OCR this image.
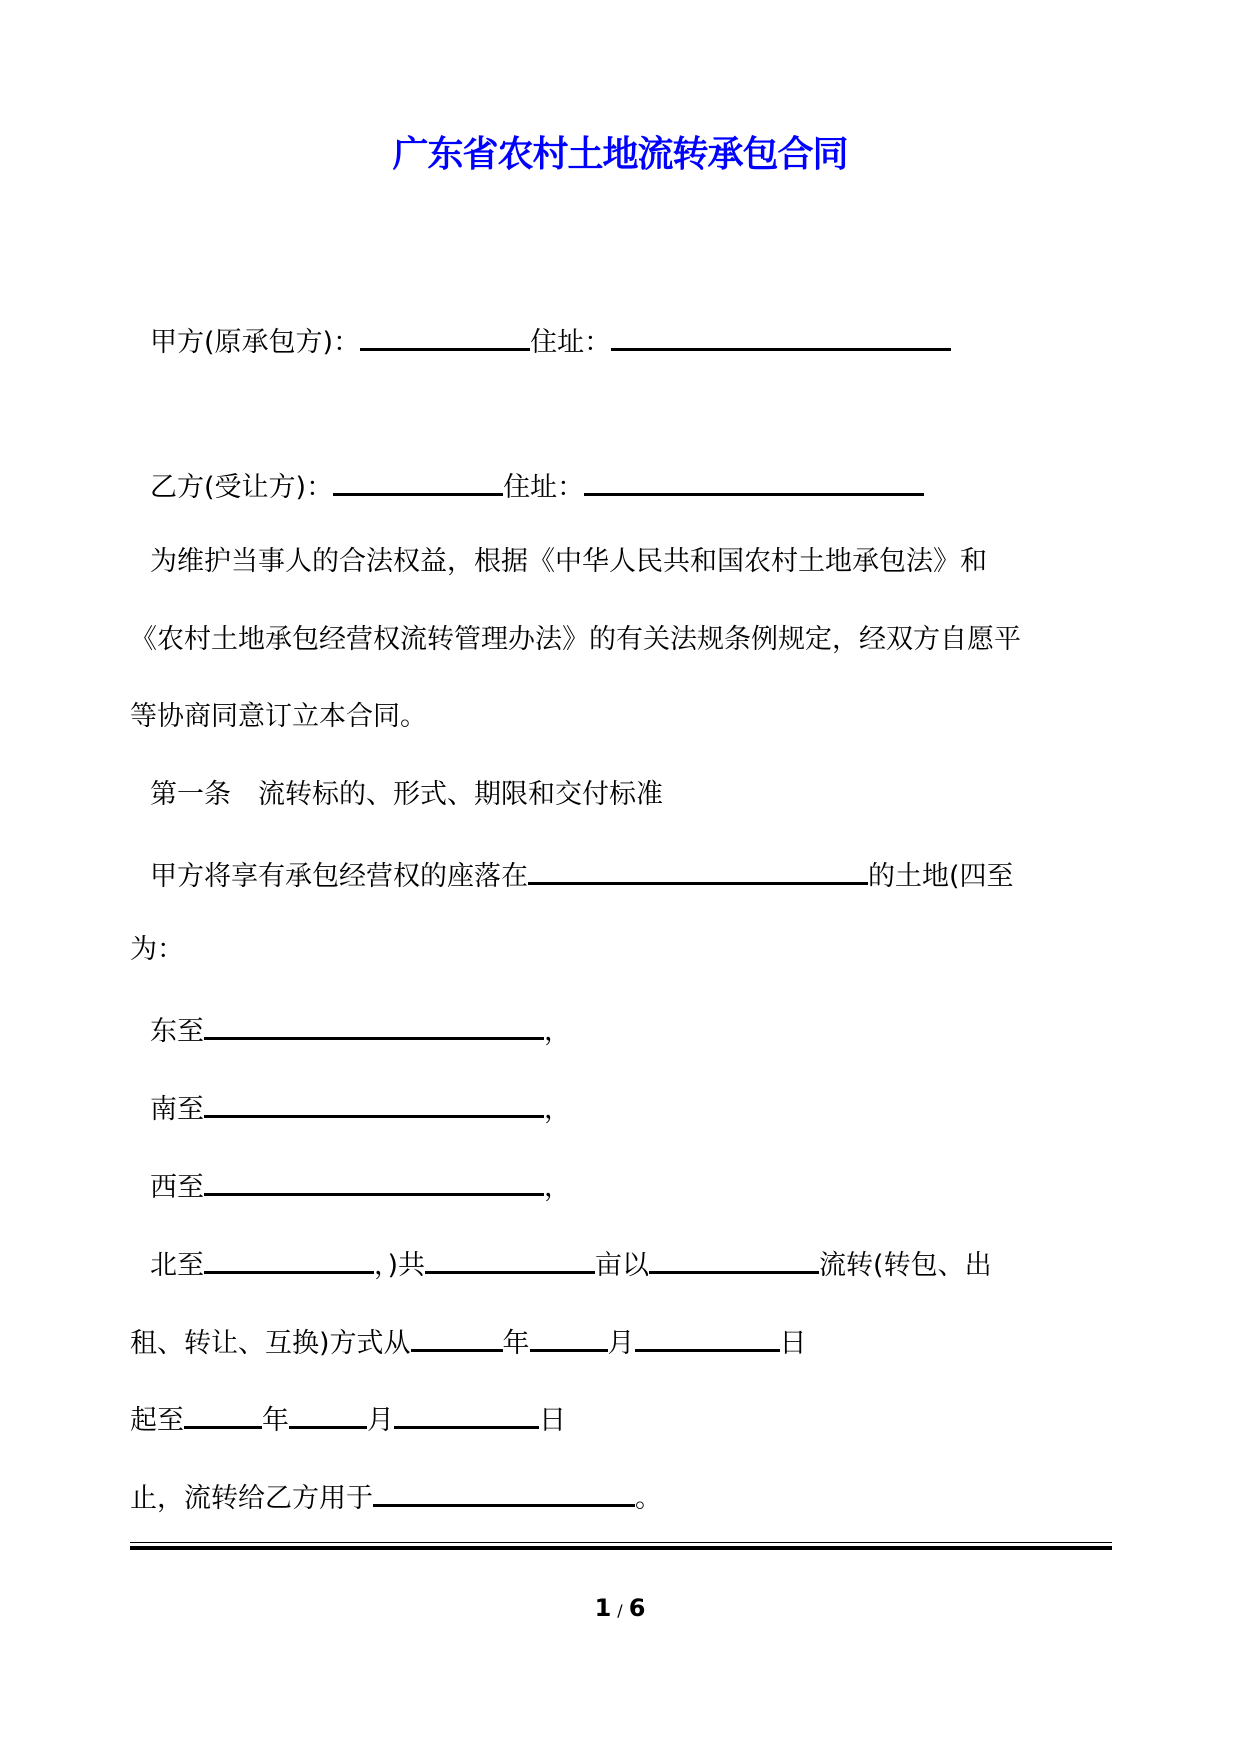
广东省农村土地流转承包合同
甲方(原承包方)：	住址：
乙方(受让方)：	住址：
为维护当事人的合法权益，根据《中华人民共和国农村土地承包法》和
《农村土地承包经营权流转管理办法》的有关法规条例规定，经双方自愿平
等协商同意订立本合同。
第一条　流转标的、形式、期限和交付标准
甲方将享有承包经营权的座落在	的土地(四至
为：
东至	，
南至	，
西至	，
北至	，)共	亩以	流转(转包、出
租、转让、互换)方式从	年	月	日
起至	年	月	日
止，流转给乙方用于	。
1 / 6
